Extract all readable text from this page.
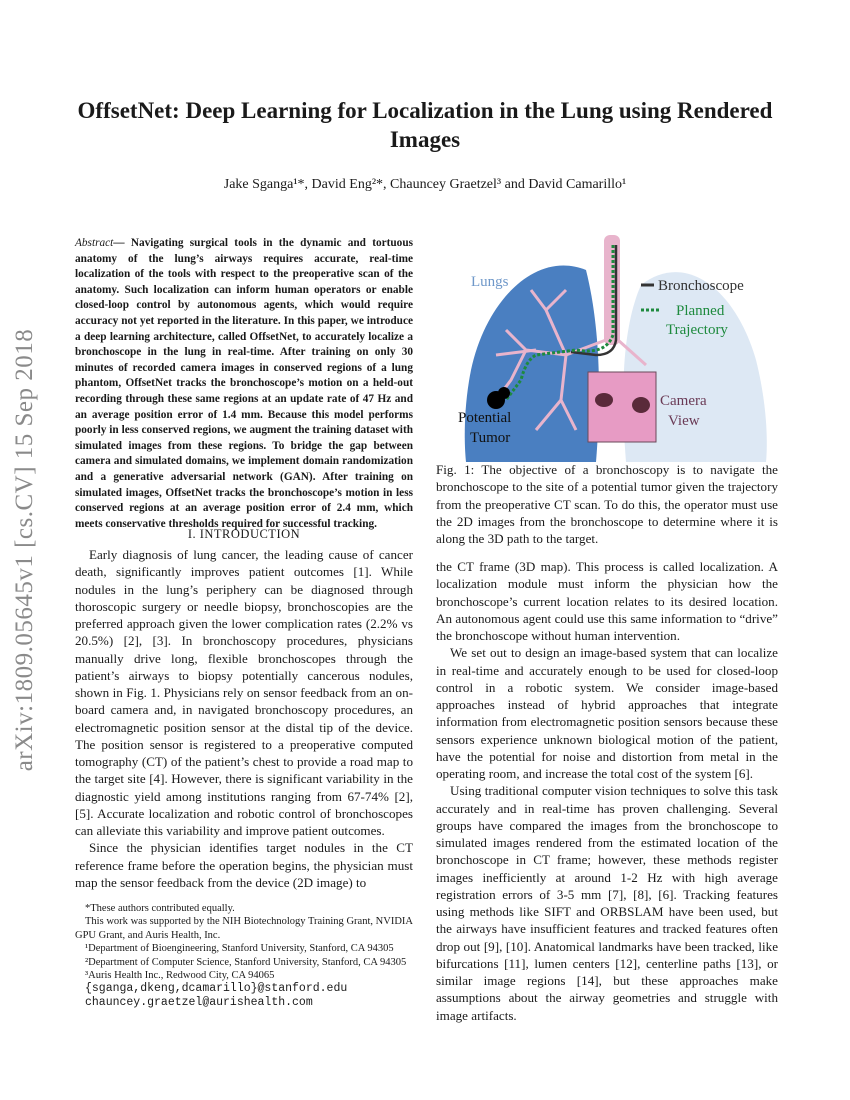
arXiv:1809.05645v1 [cs.CV] 15 Sep 2018
OffsetNet: Deep Learning for Localization in the Lung using Rendered Images
Jake Sganga¹*, David Eng²*, Chauncey Graetzel³ and David Camarillo¹
Abstract— Navigating surgical tools in the dynamic and tortuous anatomy of the lung’s airways requires accurate, real-time localization of the tools with respect to the preoperative scan of the anatomy. Such localization can inform human operators or enable closed-loop control by autonomous agents, which would require accuracy not yet reported in the literature. In this paper, we introduce a deep learning architecture, called OffsetNet, to accurately localize a bronchoscope in the lung in real-time. After training on only 30 minutes of recorded camera images in conserved regions of a lung phantom, OffsetNet tracks the bronchoscope’s motion on a held-out recording through these same regions at an update rate of 47 Hz and an average position error of 1.4 mm. Because this model performs poorly in less conserved regions, we augment the training dataset with simulated images from these regions. To bridge the gap between camera and simulated domains, we implement domain randomization and a generative adversarial network (GAN). After training on simulated images, OffsetNet tracks the bronchoscope’s motion in less conserved regions at an average position error of 2.4 mm, which meets conservative thresholds required for successful tracking.
I. INTRODUCTION

Early diagnosis of lung cancer, the leading cause of cancer death, significantly improves patient outcomes [1]. While nodules in the lung’s periphery can be diagnosed through thoroscopic surgery or needle biopsy, bronchoscopies are the preferred approach given the lower complication rates (2.2% vs 20.5%) [2], [3]. In bronchoscopy procedures, physicians manually drive long, flexible bronchoscopes through the patient’s airways to biopsy potentially cancerous nodules, shown in Fig. 1. Physicians rely on sensor feedback from an on-board camera and, in navigated bronchoscopy procedures, an electromagnetic position sensor at the distal tip of the device. The position sensor is registered to a preoperative computed tomography (CT) of the patient’s chest to provide a road map to the target site [4]. However, there is significant variability in the diagnostic yield among institutions ranging from 67-74% [2], [5]. Accurate localization and robotic control of bronchoscopes can alleviate this variability and improve patient outcomes.

Since the physician identifies target nodules in the CT reference frame before the operation begins, the physician must map the sensor feedback from the device (2D image) to

*These authors contributed equally.
This work was supported by the NIH Biotechnology Training Grant, NVIDIA GPU Grant, and Auris Health, Inc.
¹Department of Bioengineering, Stanford University, Stanford, CA 94305
²Department of Computer Science, Stanford University, Stanford, CA 94305
³Auris Health Inc., Redwood City, CA 94065
{sganga,dkeng,dcamarillo}@stanford.edu
chauncey.graetzel@aurishealth.com
Lungs	Bronchoscope
Planned
Trajectory
Potential
Tumor
Camera
View
Fig. 1: The objective of a bronchoscopy is to navigate the bronchoscope to the site of a potential tumor given the trajectory from the preoperative CT scan. To do this, the operator must use the 2D images from the bronchoscope to determine where it is along the 3D path to the target.

the CT frame (3D map). This process is called localization. A localization module must inform the physician how the bronchoscope’s current location relates to its desired location. An autonomous agent could use this same information to “drive” the bronchoscope without human intervention.

We set out to design an image-based system that can localize in real-time and accurately enough to be used for closed-loop control in a robotic system. We consider image-based approaches instead of hybrid approaches that integrate information from electromagnetic position sensors because these sensors experience unknown biological motion of the patient, have the potential for noise and distortion from metal in the operating room, and increase the total cost of the system [6].

Using traditional computer vision techniques to solve this task accurately and in real-time has proven challenging. Several groups have compared the images from the bronchoscope to simulated images rendered from the estimated location of the bronchoscope in CT frame; however, these methods register images inefficiently at around 1-2 Hz with high average registration errors of 3-5 mm [7], [8], [6]. Tracking features using methods like SIFT and ORBSLAM have been used, but the airways have insufficient features and tracked features often drop out [9], [10]. Anatomical landmarks have been tracked, like bifurcations [11], lumen centers [12], centerline paths [13], or similar image regions [14], but these approaches make assumptions about the airway geometries and struggle with image artifacts.
